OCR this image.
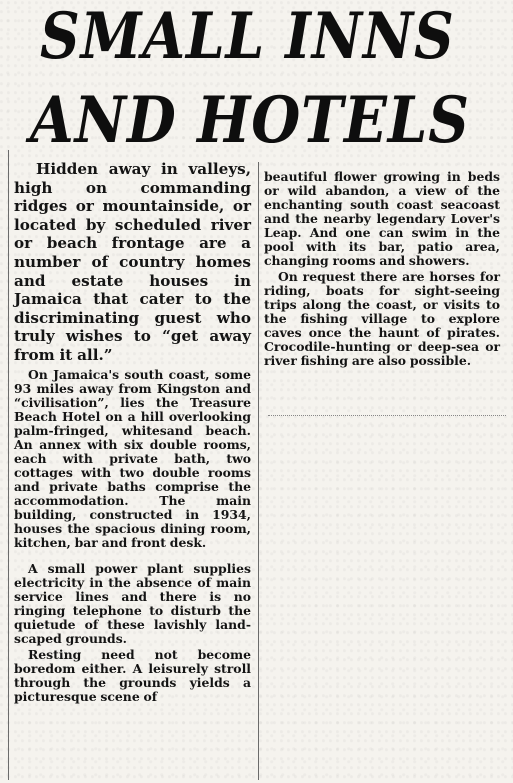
SMALL INNS
AND HOTELS

Hidden away in valleys, high on commanding ridges or mountainside, or located by scheduled river or beach frontage are a number of country homes and estate houses in Jamaica that cater to the discriminating guest who truly wishes to “get away from it all.”

On Jamaica's south coast, some 93 miles away from Kingston and “civilisation”, lies the Treasure Beach Hotel on a hill overlooking palm-fringed, whitesand beach. An annex with six double rooms, each with private bath, two cottages with two double rooms and private baths comprise the accommodation. The main building, constructed in 1934, houses the spacious dining room, kitchen, bar and front desk.

A small power plant supplies electricity in the absence of main service lines and there is no ringing telephone to disturb the quietude of these lavishly landscaped grounds.

Resting need not become boredom either. A leisurely stroll through the grounds yields a picturesque scene of

beautiful flower growing in beds or wild abandon, a view of the enchanting south coast seacoast and the nearby legendary Lover's Leap. And one can swim in the pool with its bar, patio area, changing rooms and showers.

On request there are horses for riding, boats for sight-seeing trips along the coast, or visits to the fishing village to explore caves once the haunt of pirates. Crocodile-hunting or deep-sea or river fishing are also possible.
